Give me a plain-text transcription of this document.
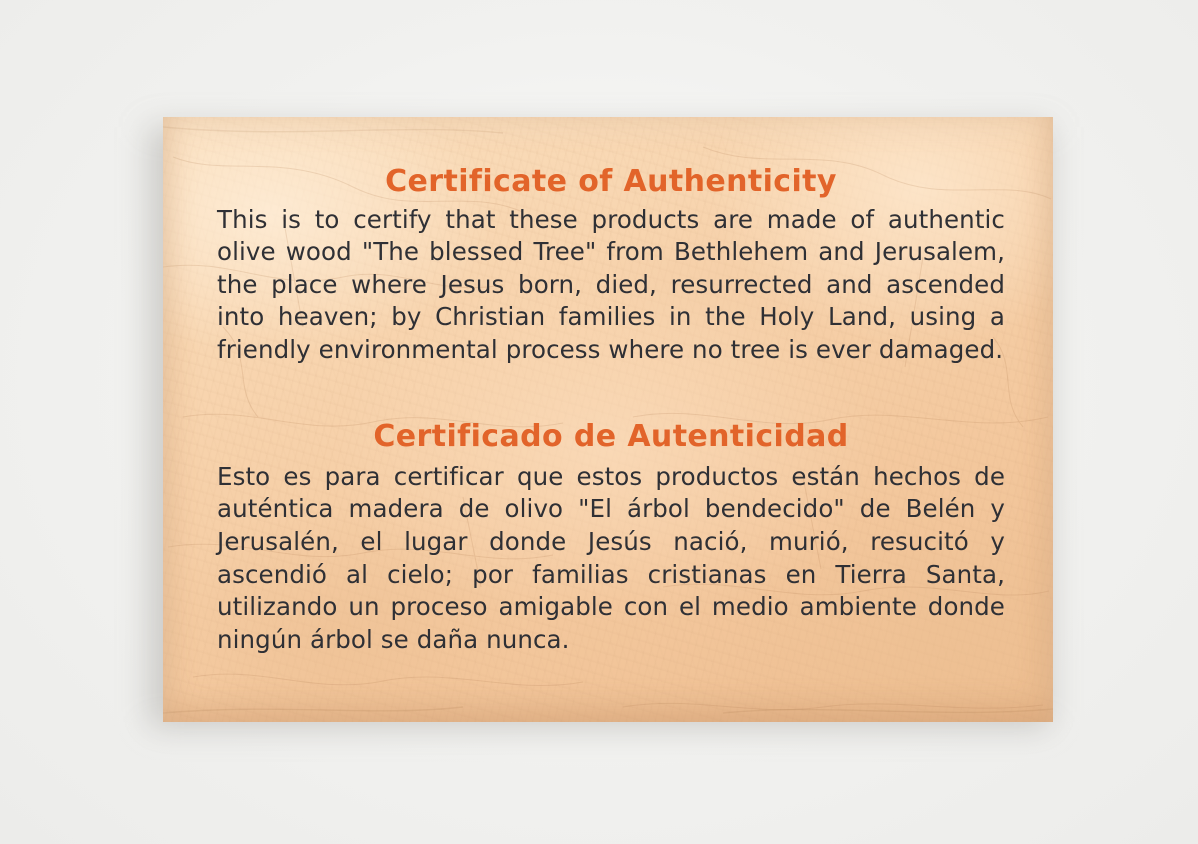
Certificate of Authenticity

This is to certify that these products are made of authentic olive wood "The blessed Tree" from Bethlehem and Jerusalem, the place where Jesus born, died, resurrected and ascended into heaven; by Christian families in the Holy Land, using a friendly environmental process where no tree is ever damaged.

Certificado de Autenticidad

Esto es para certificar que estos productos están hechos de auténtica madera de olivo "El árbol bendecido" de Belén y Jerusalén, el lugar donde Jesús nació, murió, resucitó y ascendió al cielo; por familias cristianas en Tierra Santa, utilizando un proceso amigable con el medio ambiente donde ningún árbol se daña nunca.
